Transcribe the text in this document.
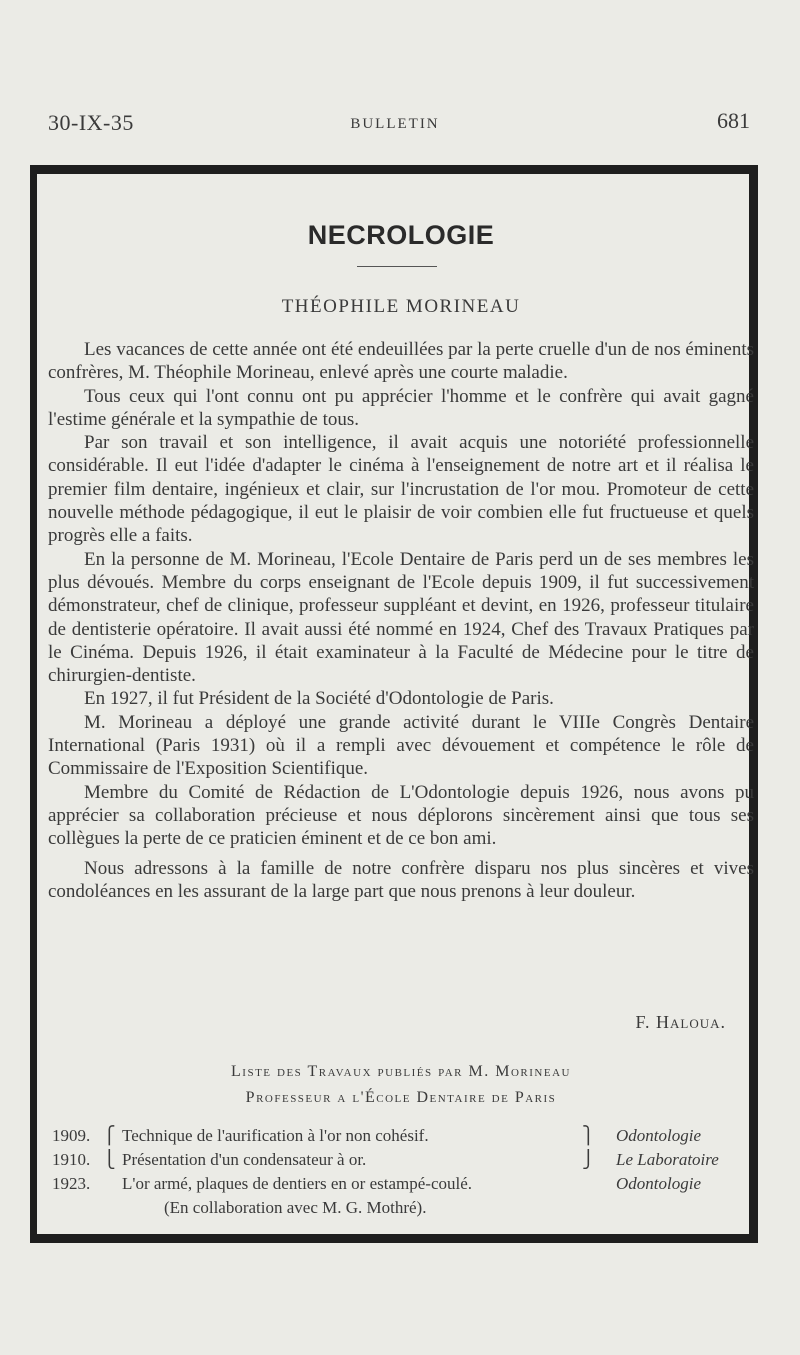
30-IX-35	BULLETIN	681
NECROLOGIE
THÉOPHILE MORINEAU

Les vacances de cette année ont été endeuillées par la perte cruelle d'un de nos éminents confrères, M. Théophile Morineau, enlevé après une courte maladie.

Tous ceux qui l'ont connu ont pu apprécier l'homme et le confrère qui avait gagné l'estime générale et la sympathie de tous.

Par son travail et son intelligence, il avait acquis une notoriété professionnelle considérable. Il eut l'idée d'adapter le cinéma à l'enseignement de notre art et il réalisa le premier film dentaire, ingénieux et clair, sur l'incrustation de l'or mou. Promoteur de cette nouvelle méthode pédagogique, il eut le plaisir de voir combien elle fut fructueuse et quels progrès elle a faits.

En la personne de M. Morineau, l'Ecole Dentaire de Paris perd un de ses membres les plus dévoués. Membre du corps enseignant de l'Ecole depuis 1909, il fut successivement démonstrateur, chef de clinique, professeur suppléant et devint, en 1926, professeur titulaire de dentisterie opératoire. Il avait aussi été nommé en 1924, Chef des Travaux Pratiques par le Cinéma. Depuis 1926, il était examinateur à la Faculté de Médecine pour le titre de chirurgien-dentiste.

En 1927, il fut Président de la Société d'Odontologie de Paris.

M. Morineau a déployé une grande activité durant le VIIIe Congrès Dentaire International (Paris 1931) où il a rempli avec dévouement et compétence le rôle de Commissaire de l'Exposition Scientifique.

Membre du Comité de Rédaction de L'Odontologie depuis 1926, nous avons pu apprécier sa collaboration précieuse et nous déplorons sincèrement ainsi que tous ses collègues la perte de ce praticien éminent et de ce bon ami.

Nous adressons à la famille de notre confrère disparu nos plus sincères et vives condoléances en les assurant de la large part que nous prenons à leur douleur.

F. Haloua.
Liste des Travaux publiés par M. Morineau
Professeur a l'École Dentaire de Paris
1909. ⎧ Technique de l'aurification à l'or non cohésif.	⎫ Odontologie
1910. ⎩ Présentation d'un condensateur à or.	⎭ Le Laboratoire
1923. L'or armé, plaques de dentiers en or estampé-coulé.	Odontologie
(En collaboration avec M. G. Mothré).
